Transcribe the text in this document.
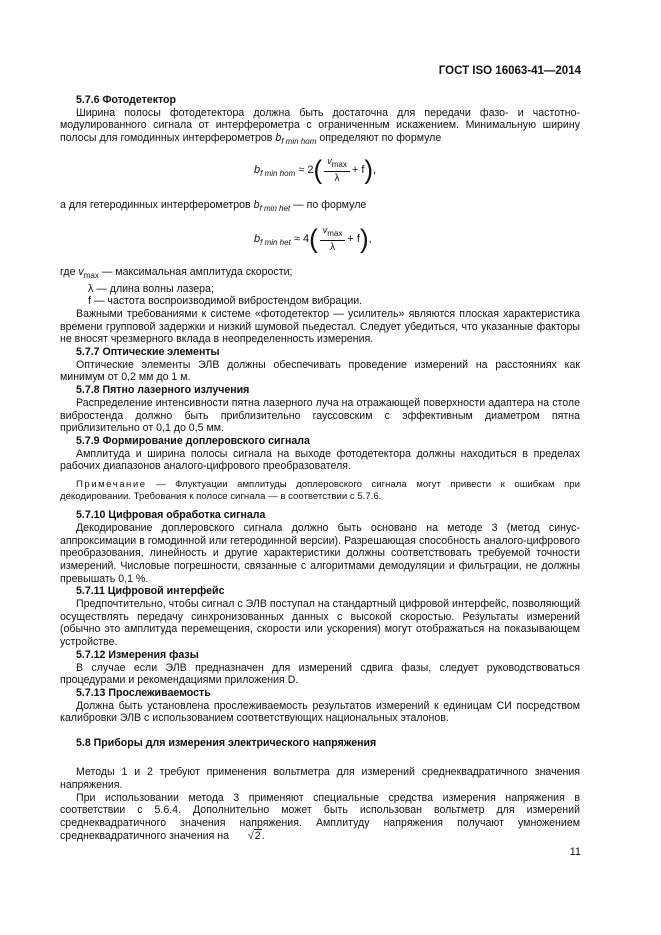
ГОСТ ISO 16063-41—2014

5.7.6 Фотодетектор

Ширина полосы фотодетектора должна быть достаточна для передачи фазо- и частотно-модулированного сигнала от интерферометра с ограниченным искажением. Минимальную ширину полосы для гомодинных интерферометров $b_{f min hom}$ определяют по формуле

$b_{f min hom} \approx 2( \frac{v_{max}}{\lambda} + f)$,

а для гетеродинных интерферометров $b_{f min het}$ — по формуле

$b_{f min het} \approx 4( \frac{v_{max}}{\lambda} + f)$,

где $v_{max}$ — максимальная амплитуда скорости;

λ — длина волны лазера;

f — частота воспроизводимой вибростендом вибрации.

Важными требованиями к системе «фотодетектор — усилитель» являются плоская характеристика времени групповой задержки и низкий шумовой пьедестал. Следует убедиться, что указанные факторы не вносят чрезмерного вклада в неопределенность измерения.

5.7.7 Оптические элементы

Оптические элементы ЭЛВ должны обеспечивать проведение измерений на расстояниях как минимум от 0,2 мм до 1 м.

5.7.8 Пятно лазерного излучения

Распределение интенсивности пятна лазерного луча на отражающей поверхности адаптера на столе вибростенда должно быть приблизительно гауссовским с эффективным диаметром пятна приблизительно от 0,1 до 0,5 мм.

5.7.9 Формирование доплеровского сигнала

Амплитуда и ширина полосы сигнала на выходе фотодетектора должны находиться в пределах рабочих диапазонов аналого-цифрового преобразователя.

Примечание — Флуктуации амплитуды доплеровского сигнала могут привести к ошибкам при декодировании. Требования к полосе сигнала — в соответствии с 5.7.6.

5.7.10 Цифровая обработка сигнала

Декодирование доплеровского сигнала должно быть основано на методе 3 (метод синус-аппроксимации в гомодинной или гетеродинной версии). Разрешающая способность аналого-цифрового преобразования, линейность и другие характеристики должны соответствовать требуемой точности измерений. Числовые погрешности, связанные с алгоритмами демодуляции и фильтрации, не должны превышать 0,1 %.

5.7.11 Цифровой интерфейс

Предпочтительно, чтобы сигнал с ЭЛВ поступал на стандартный цифровой интерфейс, позволяющий осуществлять передачу синхронизованных данных с высокой скоростью. Результаты измерений (обычно это амплитуда перемещения, скорости или ускорения) могут отображаться на показывающем устройстве.

5.7.12 Измерения фазы

В случае если ЭЛВ предназначен для измерений сдвига фазы, следует руководствоваться процедурами и рекомендациями приложения D.

5.7.13 Прослеживаемость

Должна быть установлена прослеживаемость результатов измерений к единицам СИ посредством калибровки ЭЛВ с использованием соответствующих национальных эталонов.

5.8 Приборы для измерения электрического напряжения

Методы 1 и 2 требуют применения вольтметра для измерений среднеквадратичного значения напряжения.

При использовании метода 3 применяют специальные средства измерения напряжения в соответствии с 5.6.4. Дополнительно может быть использован вольтметр для измерений среднеквадратичного значения напряжения. Амплитуду напряжения получают умножением среднеквадратичного значения на √2.

11
